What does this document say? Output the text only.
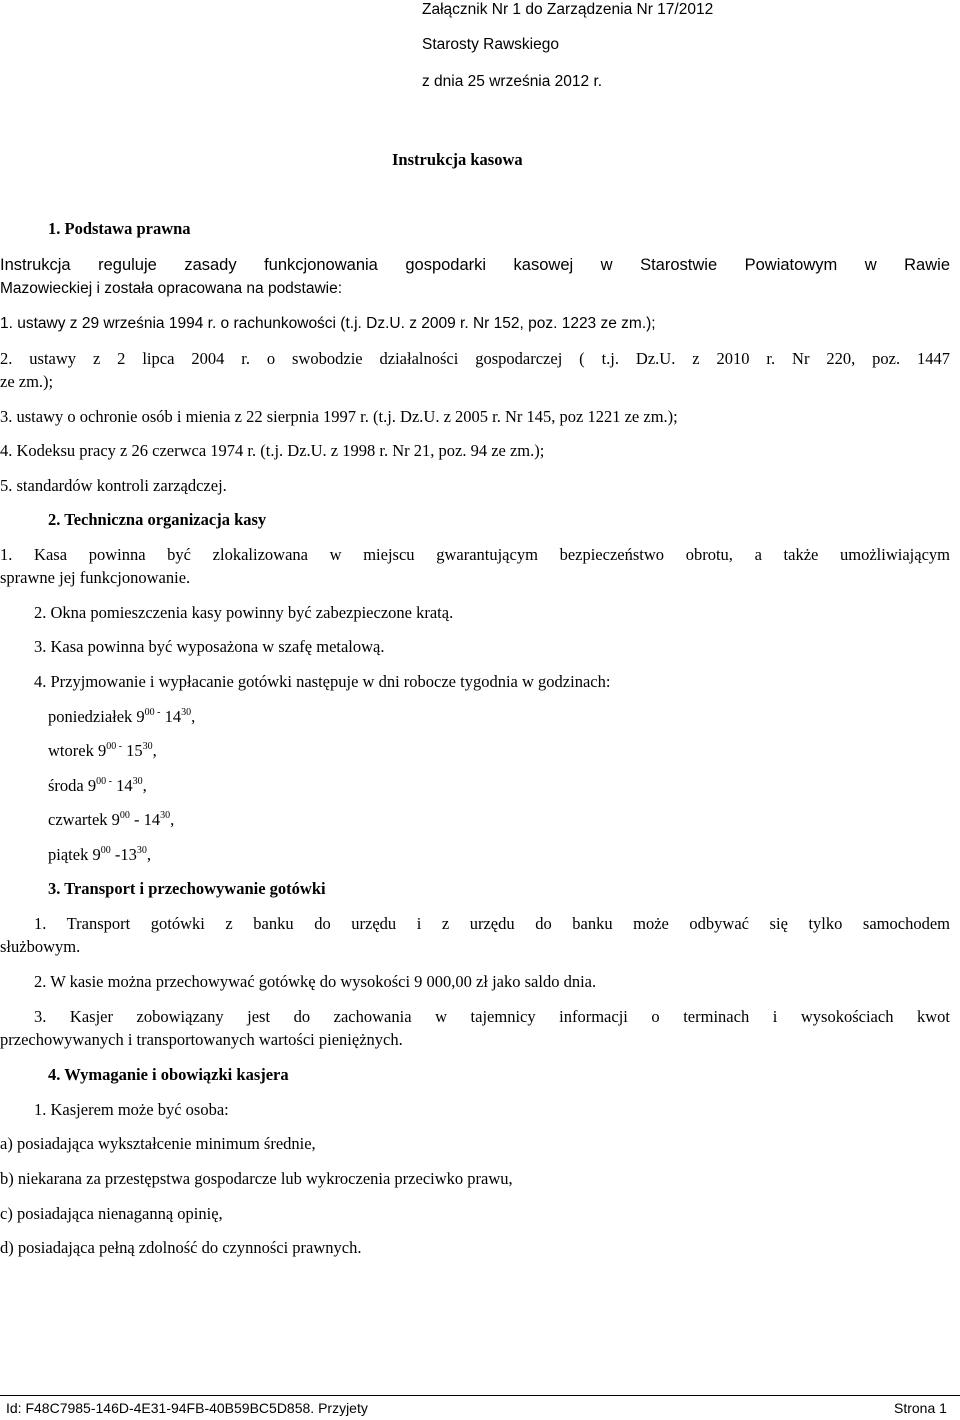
Załącznik Nr 1 do Zarządzenia Nr 17/2012
Starosty Rawskiego
z dnia 25 września 2012 r.
Instrukcja kasowa
1. Podstawa prawna
Instrukcja reguluje zasady funkcjonowania gospodarki kasowej w Starostwie Powiatowym w Rawie
Mazowieckiej i została opracowana na podstawie:
1. ustawy z 29 września 1994 r. o rachunkowości (t.j. Dz.U. z 2009 r. Nr 152, poz. 1223 ze zm.);
2. ustawy z 2 lipca 2004 r. o swobodzie działalności gospodarczej ( t.j. Dz.U. z 2010 r. Nr 220, poz. 1447
ze zm.);
3. ustawy o ochronie osób i mienia z 22 sierpnia 1997 r. (t.j. Dz.U. z 2005 r. Nr 145, poz 1221 ze zm.);
4. Kodeksu pracy z 26 czerwca 1974 r. (t.j. Dz.U. z 1998 r. Nr 21, poz. 94 ze zm.);
5. standardów kontroli zarządczej.
2. Techniczna organizacja kasy
1. Kasa powinna być zlokalizowana w miejscu gwarantującym bezpieczeństwo obrotu, a także umożliwiającym
sprawne jej funkcjonowanie.
2. Okna pomieszczenia kasy powinny być zabezpieczone kratą.
3. Kasa powinna być wyposażona w szafę metalową.
4. Przyjmowanie i wypłacanie gotówki następuje w dni robocze tygodnia w godzinach:
poniedziałek $9^{00 -}$ $14^{30}$,
wtorek $9^{00 -}$ $15^{30}$,
środa $9^{00 -}$ $14^{30}$,
czwartek $9^{00} - 14^{30}$,
piątek $9^{00}$ $-13^{30}$,
3. Transport i przechowywanie gotówki
1. Transport gotówki z banku do urzędu i z urzędu do banku może odbywać się tylko samochodem
służbowym.
2. W kasie można przechowywać gotówkę do wysokości 9 000,00 zł jako saldo dnia.
3. Kasjer zobowiązany jest do zachowania w tajemnicy informacji o terminach i wysokościach kwot
przechowywanych i transportowanych wartości pieniężnych.
4. Wymaganie i obowiązki kasjera
1. Kasjerem może być osoba:
a) posiadająca wykształcenie minimum średnie,
b) niekarana za przestępstwa gospodarcze lub wykroczenia przeciwko prawu,
c) posiadająca nienaganną opinię,
d) posiadająca pełną zdolność do czynności prawnych.
Id: F48C7985-146D-4E31-94FB-40B59BC5D858. Przyjety	Strona 1
